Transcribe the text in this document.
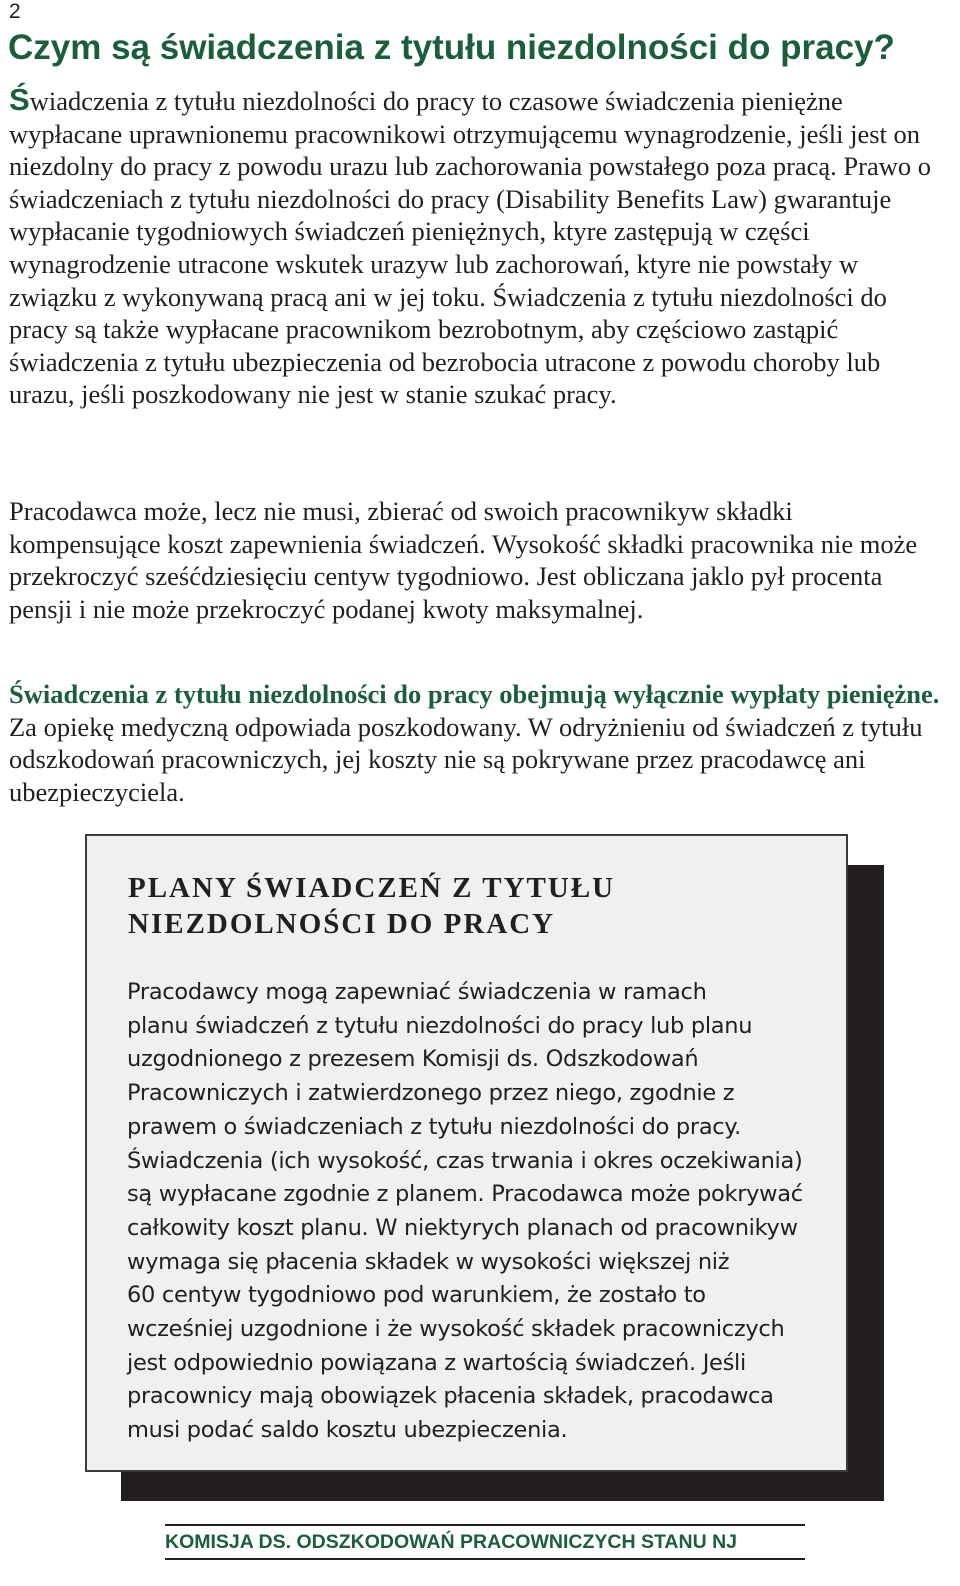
2
Czym są świadczenia z tytułu niezdolności do pracy?

Świadczenia z tytułu niezdolności do pracy to czasowe świadczenia pieniężne wypłacane uprawnionemu pracownikowi otrzymującemu wynagrodzenie, jeśli jest on niezdolny do pracy z powodu urazu lub zachorowania powstałego poza pracą. Prawo o świadczeniach z tytułu niezdolności do pracy (Disability Benefits Law) gwarantuje wypłacanie tygodniowych świadczeń pieniężnych, ktyre zastępują w części wynagrodzenie utracone wskutek urazyw lub zachorowań, ktyre nie powstały w związku z wykonywaną pracą ani w jej toku. Świadczenia z tytułu niezdolności do pracy są także wypłacane pracownikom bezrobotnym, aby częściowo zastąpić świadczenia z tytułu ubezpieczenia od bezrobocia utracone z powodu choroby lub urazu, jeśli poszkodowany nie jest w stanie szukać pracy.

Pracodawca może, lecz nie musi, zbierać od swoich pracownikyw składki kompensujące koszt zapewnienia świadczeń. Wysokość składki pracownika nie może przekroczyć sześćdziesięciu centyw tygodniowo. Jest obliczana jaklo pył procenta pensji i nie może przekroczyć podanej kwoty maksymalnej.

Świadczenia z tytułu niezdolności do pracy obejmują wyłącznie wypłaty pieniężne. Za opiekę medyczną odpowiada poszkodowany. W odryżnieniu od świadczeń z tytułu odszkodowań pracowniczych, jej koszty nie są pokrywane przez pracodawcę ani ubezpieczyciela.

PLANY ŚWIADCZEŃ Z TYTUŁU
NIEZDOLNOŚCI DO PRACY

Pracodawcy mogą zapewniać świadczenia w ramach
planu świadczeń z tytułu niezdolności do pracy lub planu
uzgodnionego z prezesem Komisji ds. Odszkodowań
Pracowniczych i zatwierdzonego przez niego, zgodnie z
prawem o świadczeniach z tytułu niezdolności do pracy.
Świadczenia (ich wysokość, czas trwania i okres oczekiwania)
są wypłacane zgodnie z planem. Pracodawca może pokrywać
całkowity koszt planu. W niektyrych planach od pracownikyw
wymaga się płacenia składek w wysokości większej niż
60 centyw tygodniowo pod warunkiem, że zostało to
wcześniej uzgodnione i że wysokość składek pracowniczych
jest odpowiednio powiązana z wartością świadczeń. Jeśli
pracownicy mają obowiązek płacenia składek, pracodawca
musi podać saldo kosztu ubezpieczenia.

KOMISJA DS. ODSZKODOWAŃ PRACOWNICZYCH STANU NJ
